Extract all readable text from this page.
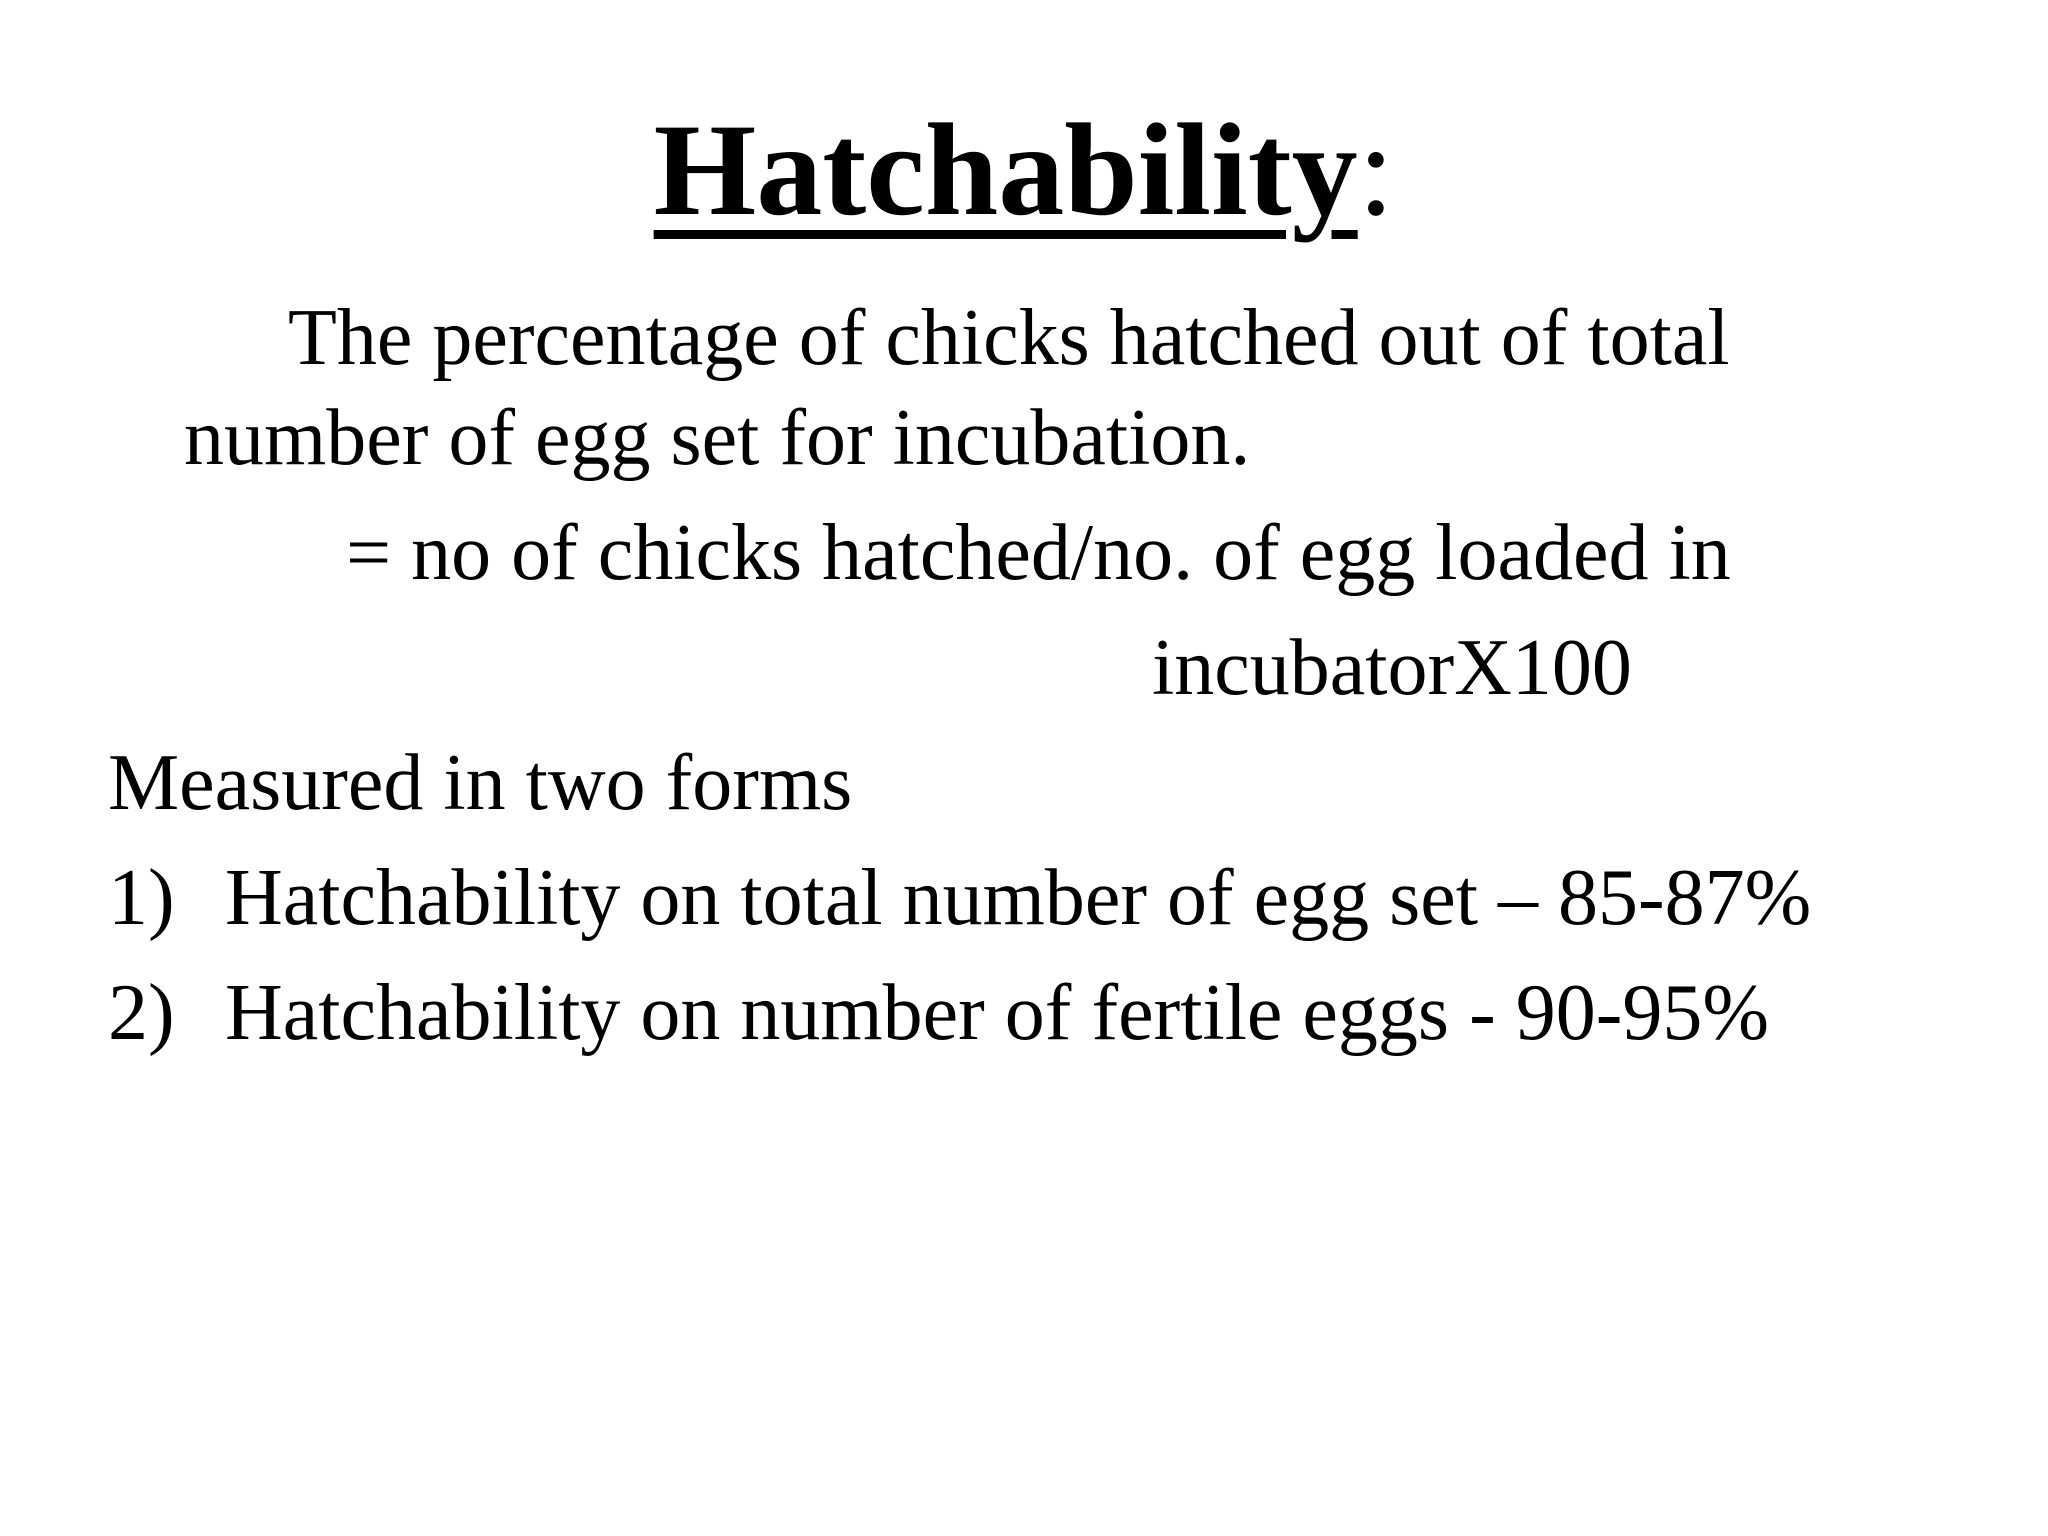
Hatchability:
The percentage of chicks hatched out of total
number of egg set for incubation.
= no of chicks hatched/no. of egg loaded in
incubatorX100
Measured in two forms
1) Hatchability on total number of egg set – 85-87%
2) Hatchability on number of fertile eggs - 90-95%
